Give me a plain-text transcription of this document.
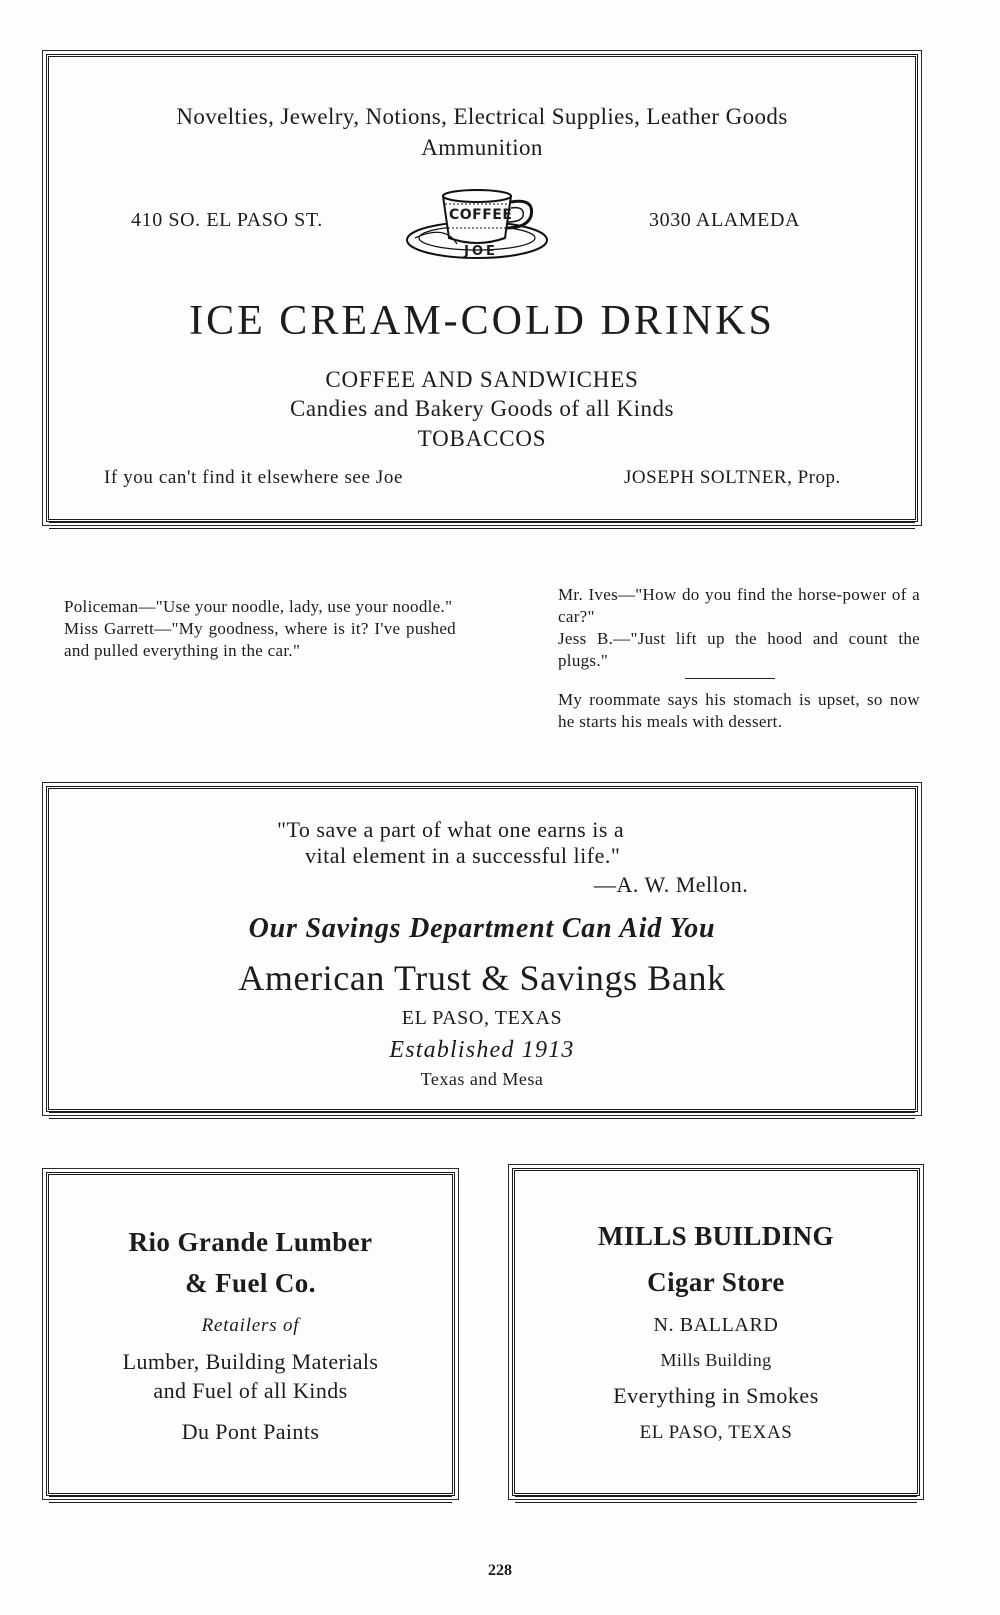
Novelties, Jewelry, Notions, Electrical Supplies, Leather Goods
Ammunition
410 SO. EL PASO ST.	3030 ALAMEDA
COFFEE
JOE
ICE CREAM-COLD DRINKS
COFFEE AND SANDWICHES
Candies and Bakery Goods of all Kinds
TOBACCOS
If you can't find it elsewhere see Joe	JOSEPH SOLTNER, Prop.

Policeman—"Use your noodle, lady, use your noodle."

Miss Garrett—"My goodness, where is it? I've pushed and pulled everything in the car."

Mr. Ives—"How do you find the horse-power of a car?"

Jess B.—"Just lift up the hood and count the plugs."

My roommate says his stomach is upset, so now he starts his meals with dessert.

"To save a part of what one earns is a
vital element in a successful life."
—A. W. Mellon.
Our Savings Department Can Aid You
American Trust & Savings Bank
EL PASO, TEXAS
Established 1913
Texas and Mesa
Rio Grande Lumber
& Fuel Co.
Retailers of
Lumber, Building Materials
and Fuel of all Kinds
Du Pont Paints
MILLS BUILDING
Cigar Store
N. BALLARD
Mills Building
Everything in Smokes
EL PASO, TEXAS
228
